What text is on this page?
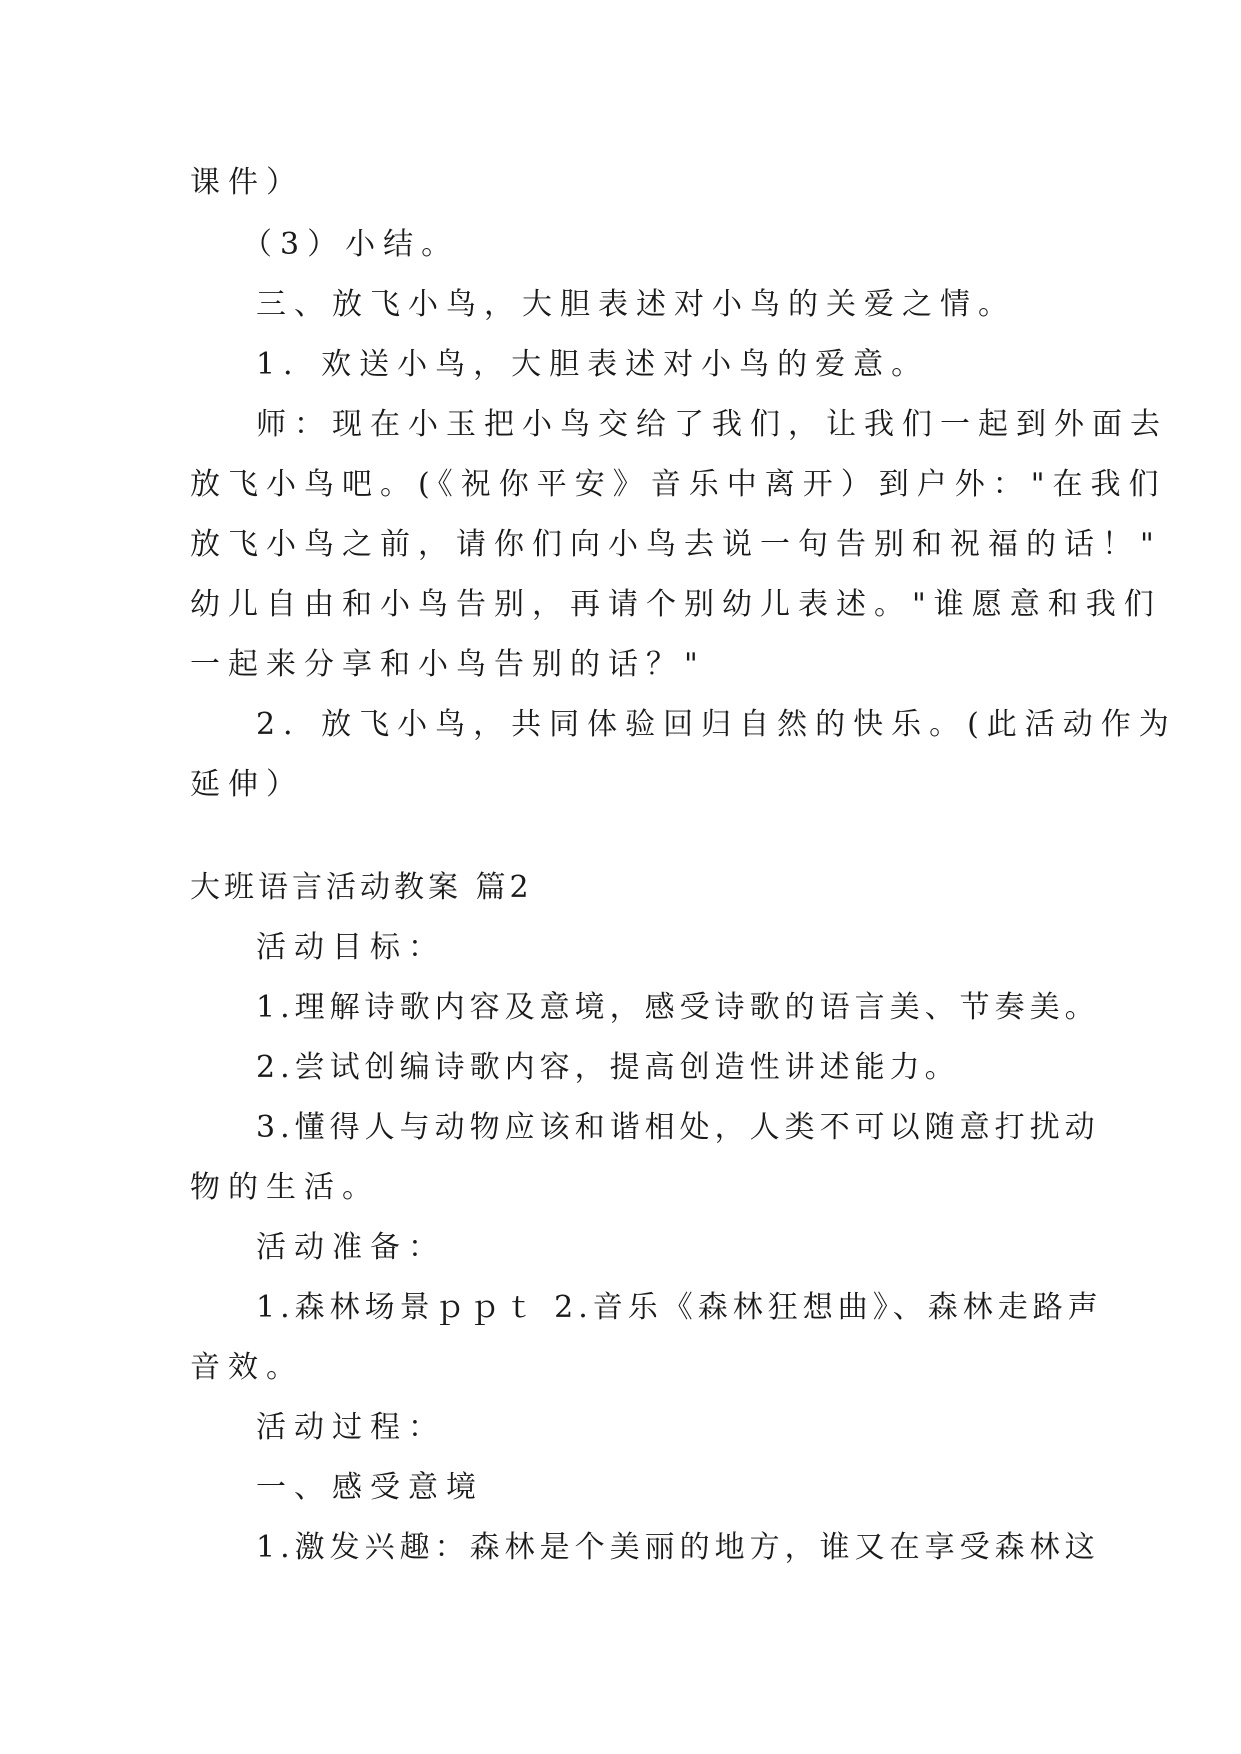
课件）
（3）小结。
三、放飞小鸟，大胆表述对小鸟的关爱之情。
1．欢送小鸟，大胆表述对小鸟的爱意。
师：现在小玉把小鸟交给了我们，让我们一起到外面去
放飞小鸟吧。(《祝你平安》音乐中离开）到户外："在我们
放飞小鸟之前，请你们向小鸟去说一句告别和祝福的话！"
幼儿自由和小鸟告别，再请个别幼儿表述。"谁愿意和我们
一起来分享和小鸟告别的话？"
2．放飞小鸟，共同体验回归自然的快乐。(此活动作为
延伸）
大班语言活动教案 篇2
活动目标：
1.理解诗歌内容及意境，感受诗歌的语言美、节奏美。
2.尝试创编诗歌内容，提高创造性讲述能力。
3.懂得人与动物应该和谐相处，人类不可以随意打扰动
物的生活。
活动准备：
1.森林场景ｐｐｔ 2.音乐《森林狂想曲》、森林走路声
音效。
活动过程：
一、感受意境
1.激发兴趣：森林是个美丽的地方，谁又在享受森林这
